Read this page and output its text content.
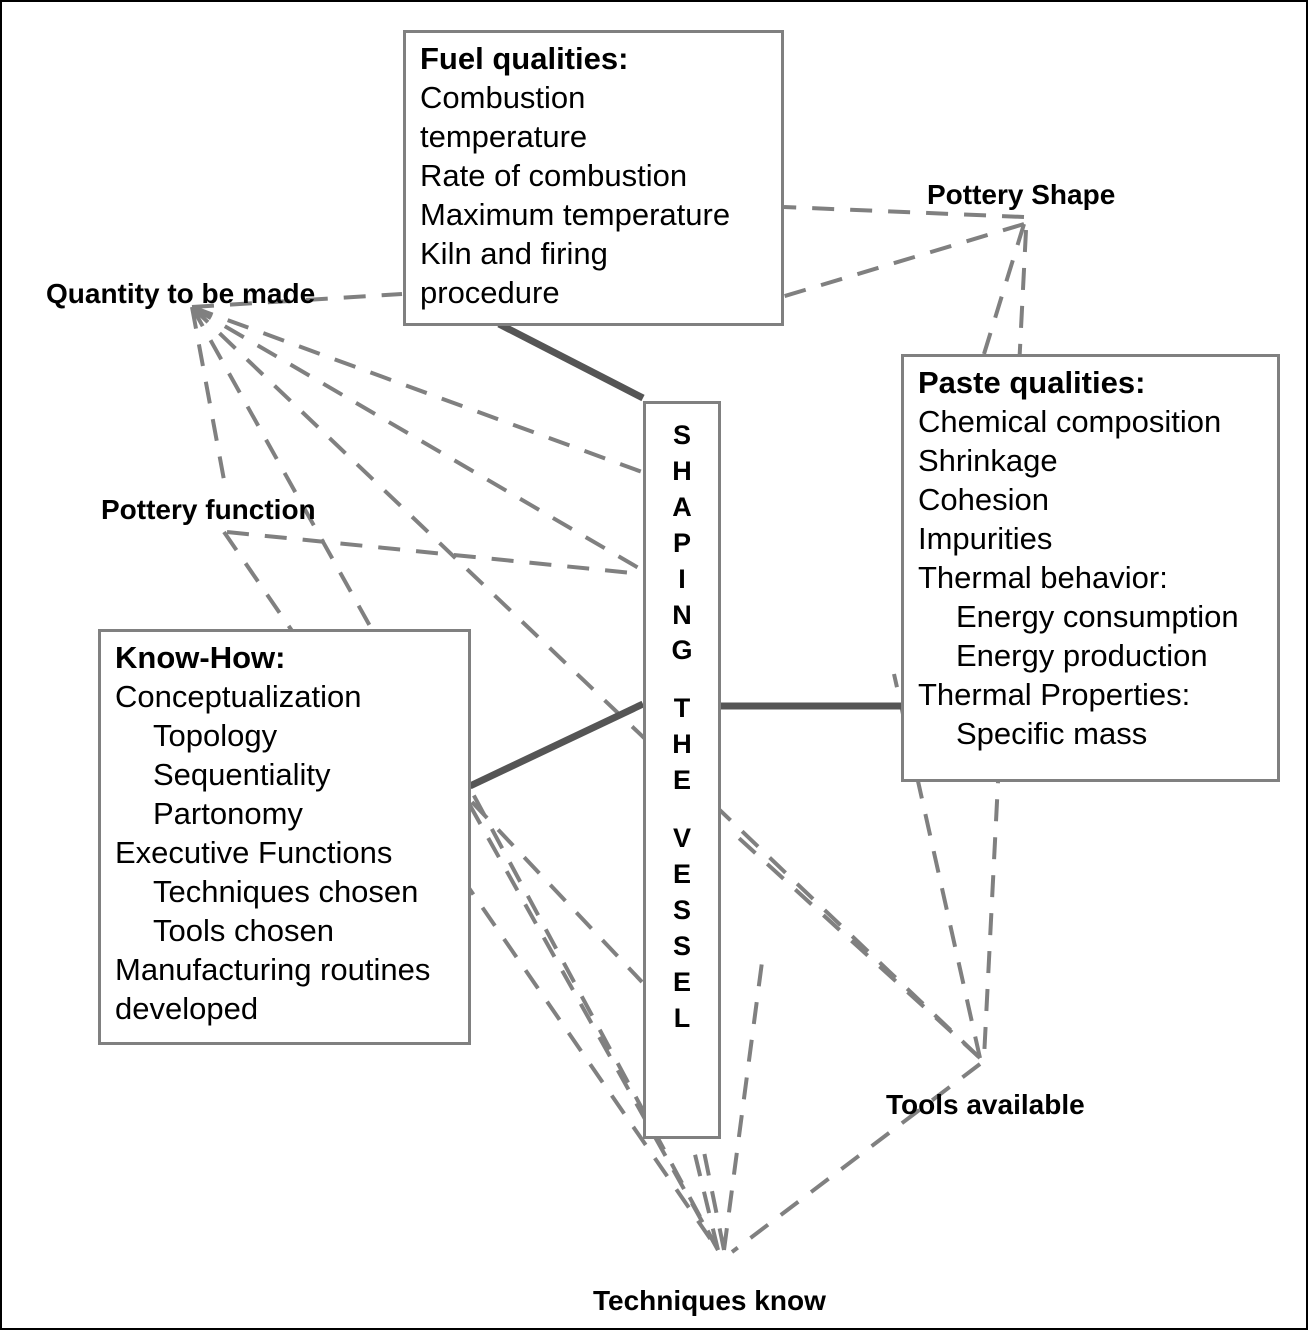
Fuel qualities:
Combustion
temperature
Rate of combustion
Maximum temperature
Kiln and firing
procedure
Paste qualities:
Chemical composition
Shrinkage
Cohesion
Impurities
Thermal behavior:
Energy consumption
Energy production
Thermal Properties:
Specific mass
Know-How:
Conceptualization
Topology
Sequentiality
Partonomy
Executive Functions
Techniques chosen
Tools chosen
Manufacturing routines
developed
S
H
A
P
I
N
G
T
H
E
V
E
S
S
E
L
Quantity to be made
Pottery Shape
Pottery function
Tools available
Techniques know
